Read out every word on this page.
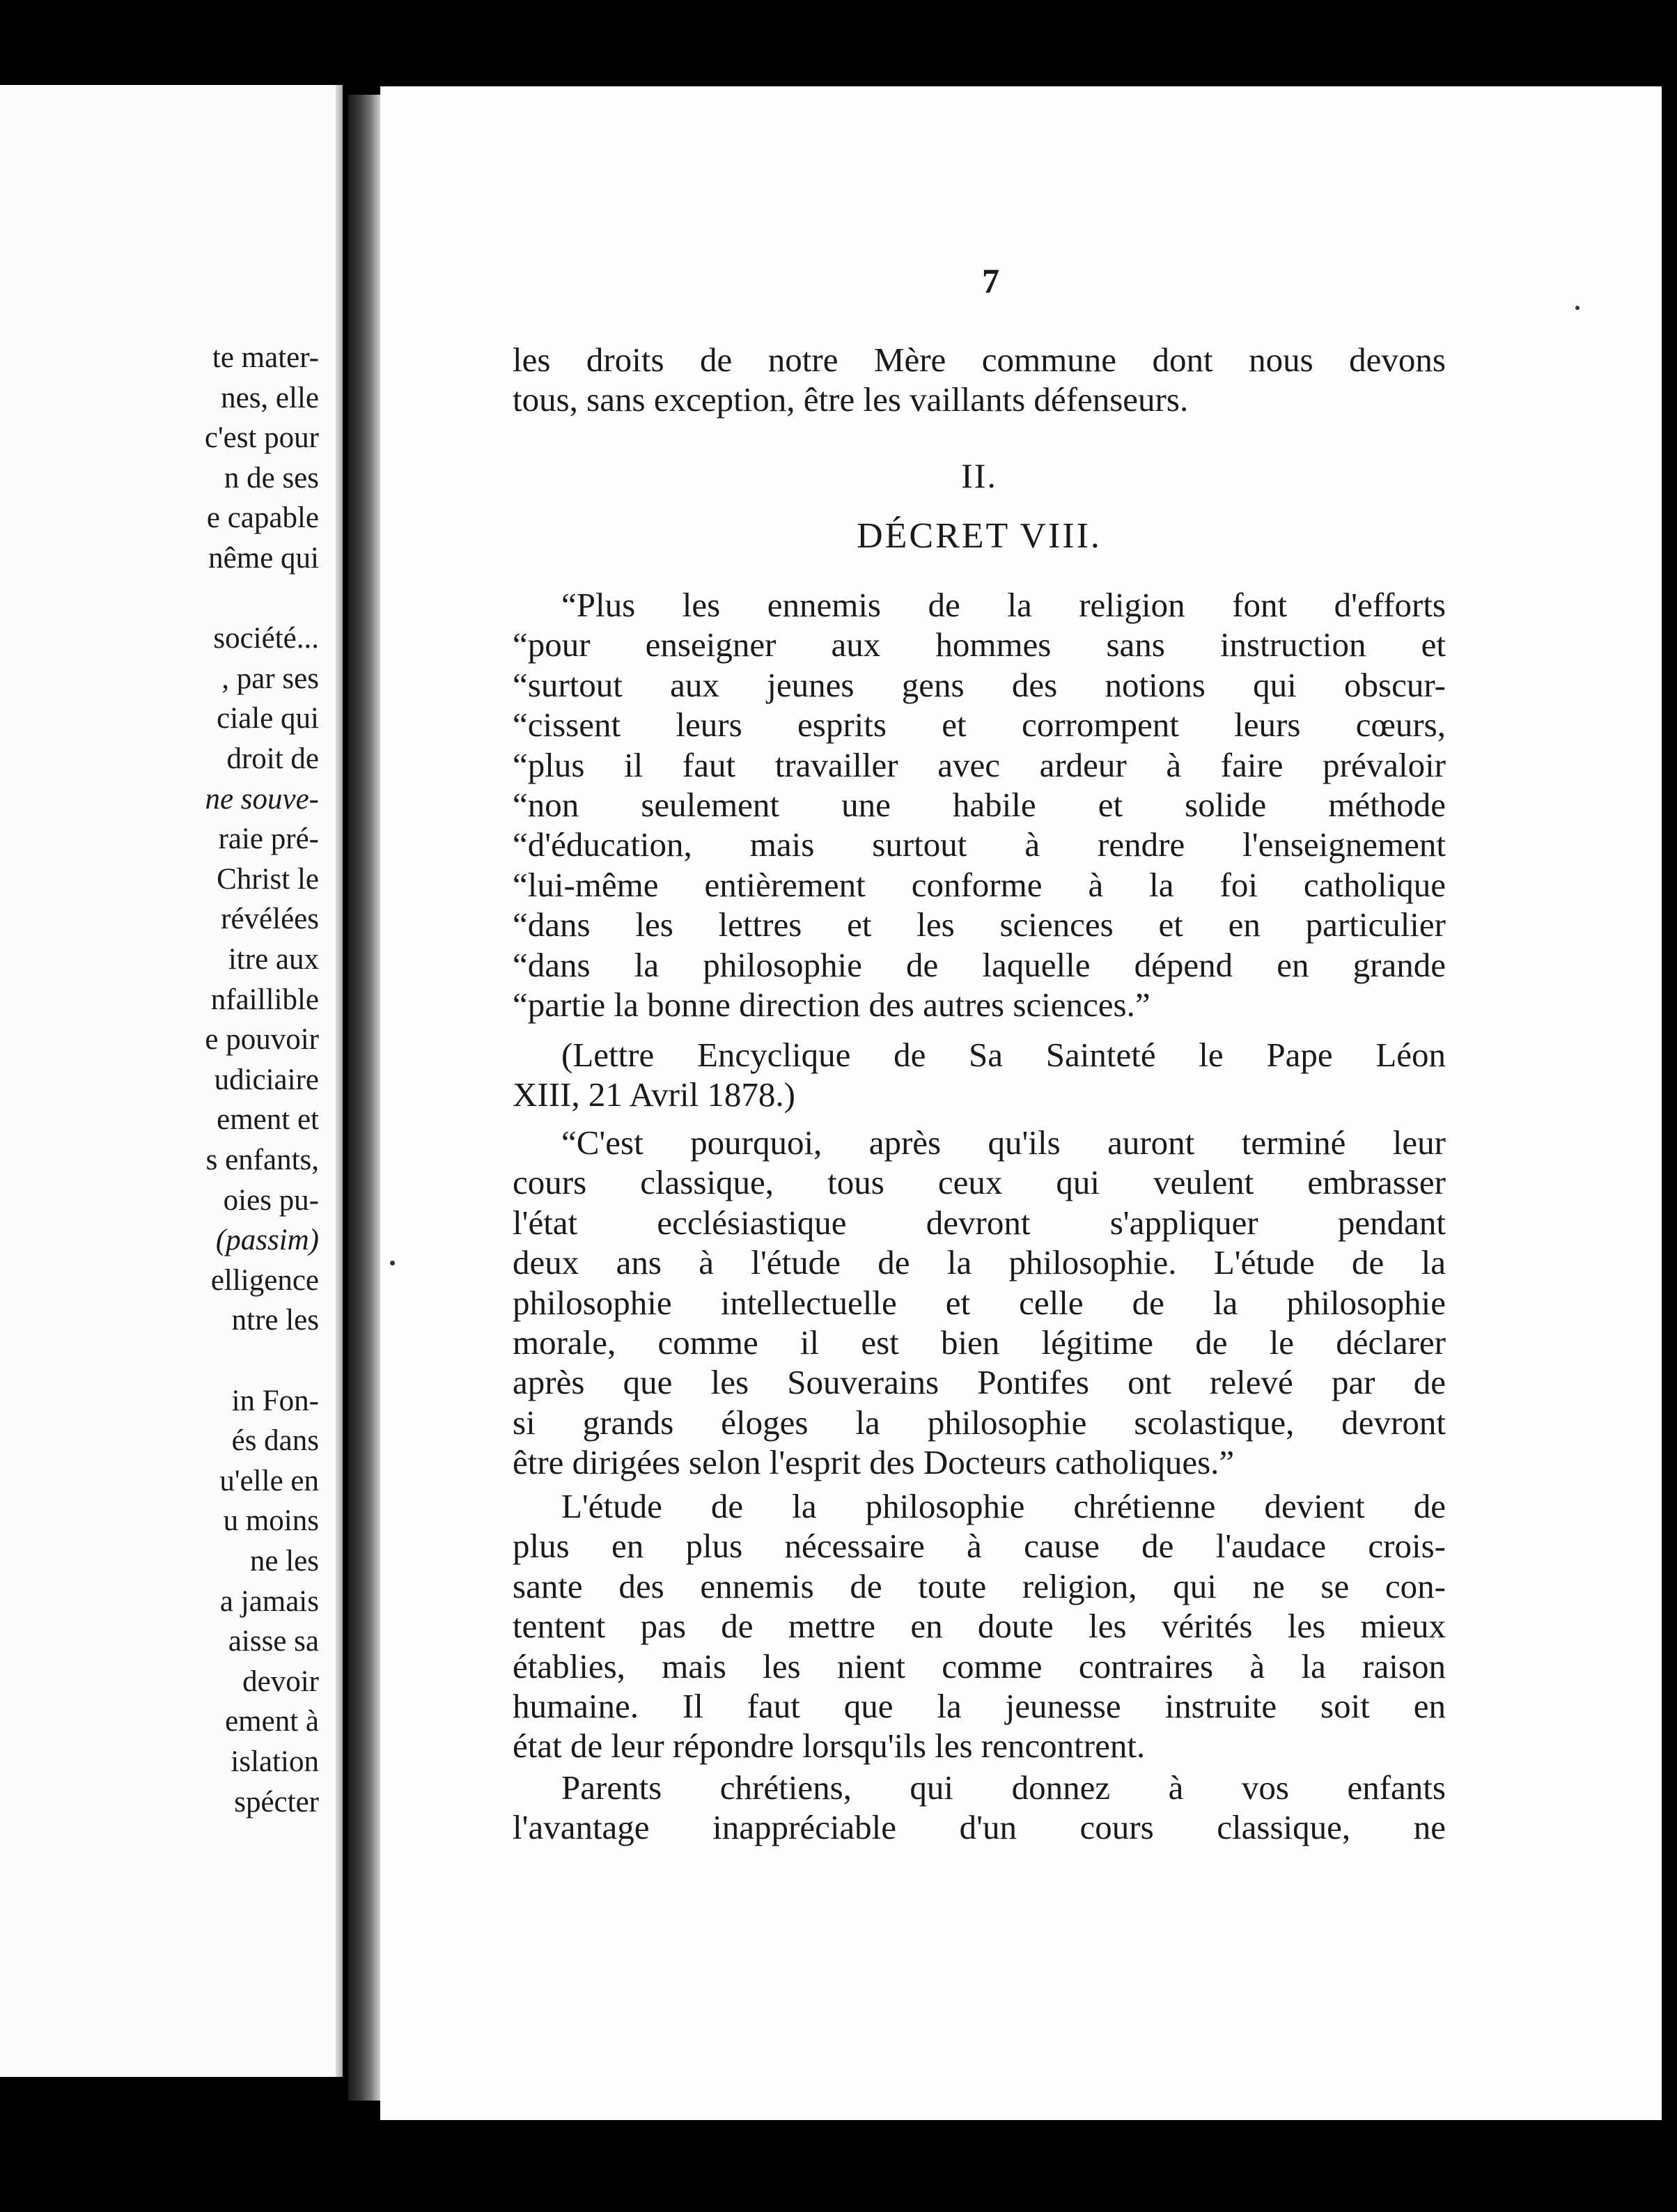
te mater-
nes, elle
c'est pour
n de ses
e capable
nême qui
société...
, par ses
ciale qui
droit de
ne souve-
raie pré-
Christ le
révélées
itre aux
nfaillible
e pouvoir
udiciaire
ement et
s enfants,
oies pu-
(passim)
elligence
ntre les
in Fon-
és dans
u'elle en
u moins
ne les
a jamais
aisse sa
devoir
ement à
islation
spécter
7
les droits de notre Mère commune dont nous devons
tous, sans exception, être les vaillants défenseurs.
II.
DÉCRET VIII.
“Plus les ennemis de la religion font d'efforts
“pour enseigner aux hommes sans instruction et
“surtout aux jeunes gens des notions qui obscur-
“cissent leurs esprits et corrompent leurs cœurs,
“plus il faut travailler avec ardeur à faire prévaloir
“non seulement une habile et solide méthode
“d'éducation, mais surtout à rendre l'enseignement
“lui-même entièrement conforme à la foi catholique
“dans les lettres et les sciences et en particulier
“dans la philosophie de laquelle dépend en grande
“partie la bonne direction des autres sciences.”
(Lettre Encyclique de Sa Sainteté le Pape Léon
XIII, 21 Avril 1878.)
“C'est pourquoi, après qu'ils auront terminé leur
cours classique, tous ceux qui veulent embrasser
l'état ecclésiastique devront s'appliquer pendant
deux ans à l'étude de la philosophie. L'étude de la
philosophie intellectuelle et celle de la philosophie
morale, comme il est bien légitime de le déclarer
après que les Souverains Pontifes ont relevé par de
si grands éloges la philosophie scolastique, devront
être dirigées selon l'esprit des Docteurs catholiques.”
L'étude de la philosophie chrétienne devient de
plus en plus nécessaire à cause de l'audace crois-
sante des ennemis de toute religion, qui ne se con-
tentent pas de mettre en doute les vérités les mieux
établies, mais les nient comme contraires à la raison
humaine. Il faut que la jeunesse instruite soit en
état de leur répondre lorsqu'ils les rencontrent.
Parents chrétiens, qui donnez à vos enfants
l'avantage inappréciable d'un cours classique, ne
